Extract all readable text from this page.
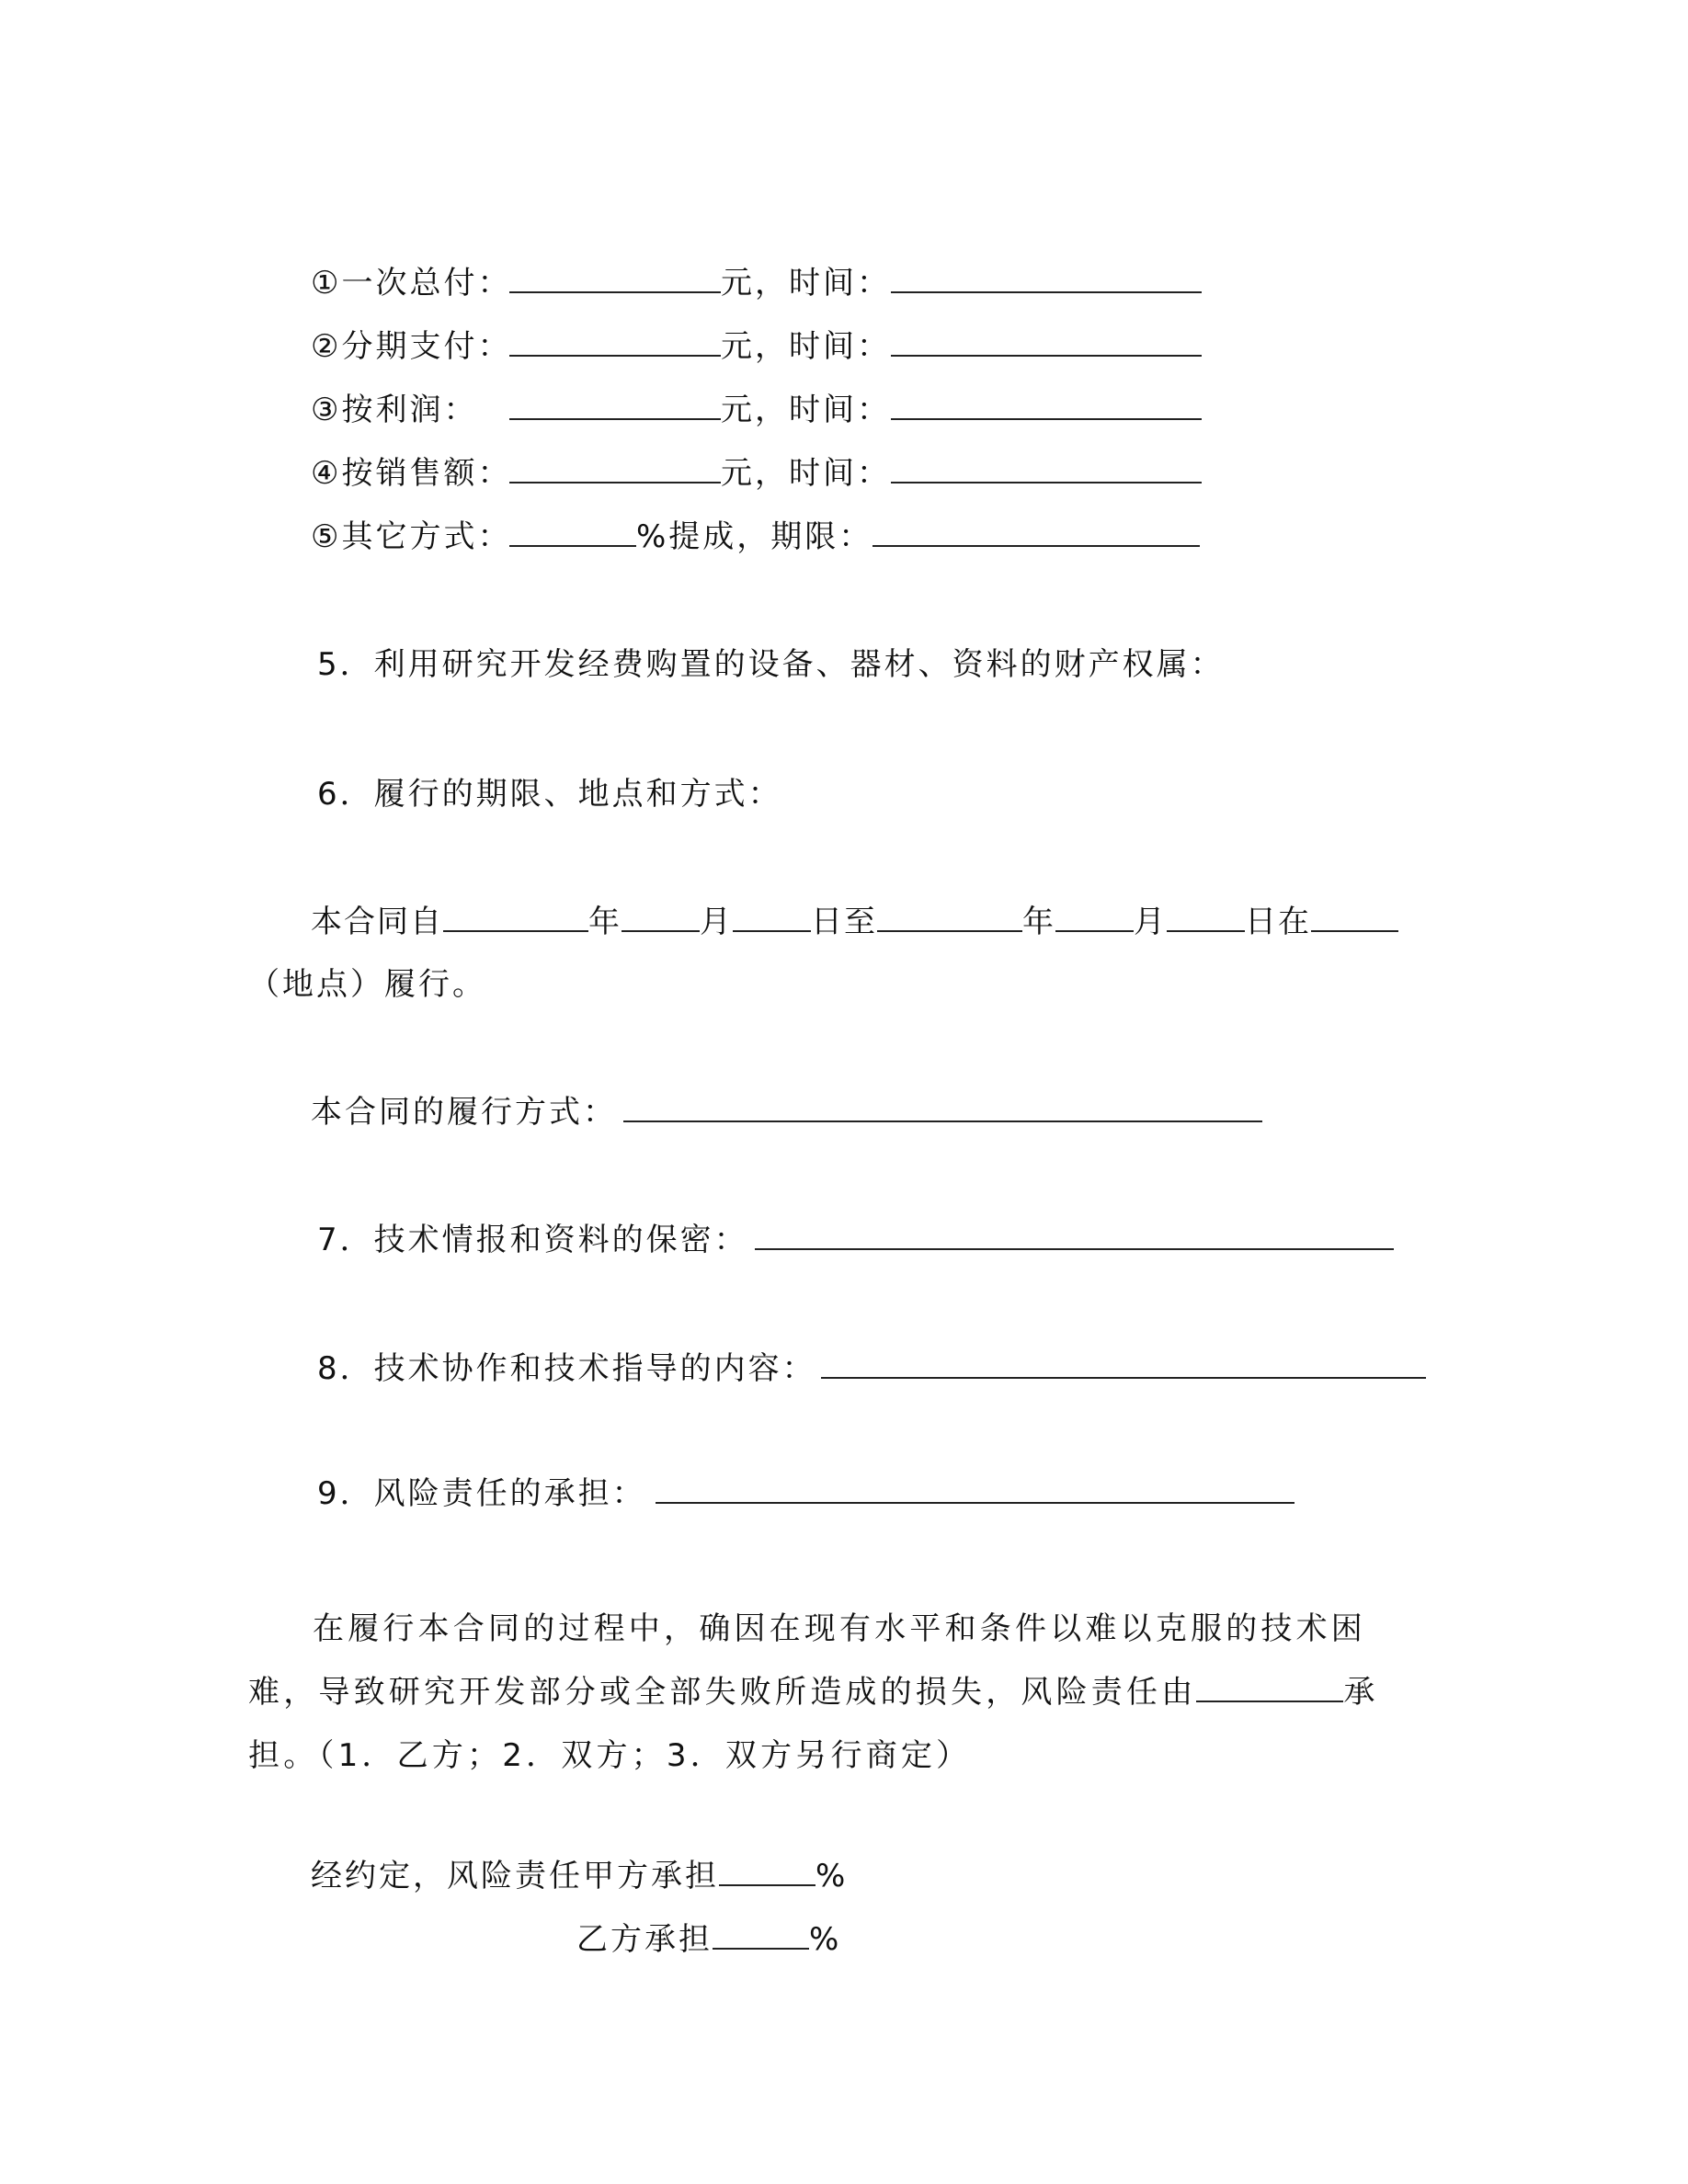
①一次总付：	元，时间：
②分期支付：	元，时间：
③按利润：	元，时间：
④按销售额：	元，时间：
⑤其它方式：	%提成，期限：
5．利用研究开发经费购置的设备、器材、资料的财产权属：
6．履行的期限、地点和方式：
本合同自	年	月	日至	年	月	日在
（地点）履行。
本合同的履行方式：
7．技术情报和资料的保密：
8．技术协作和技术指导的内容：
9．风险责任的承担：
在履行本合同的过程中，确因在现有水平和条件以难以克服的技术困难，导致研究开发部分或全部失败所造成的损失，风险责任由	承担。（1．乙方；2．双方；3．双方另行商定）
经约定，风险责任甲方承担	%
乙方承担	%
